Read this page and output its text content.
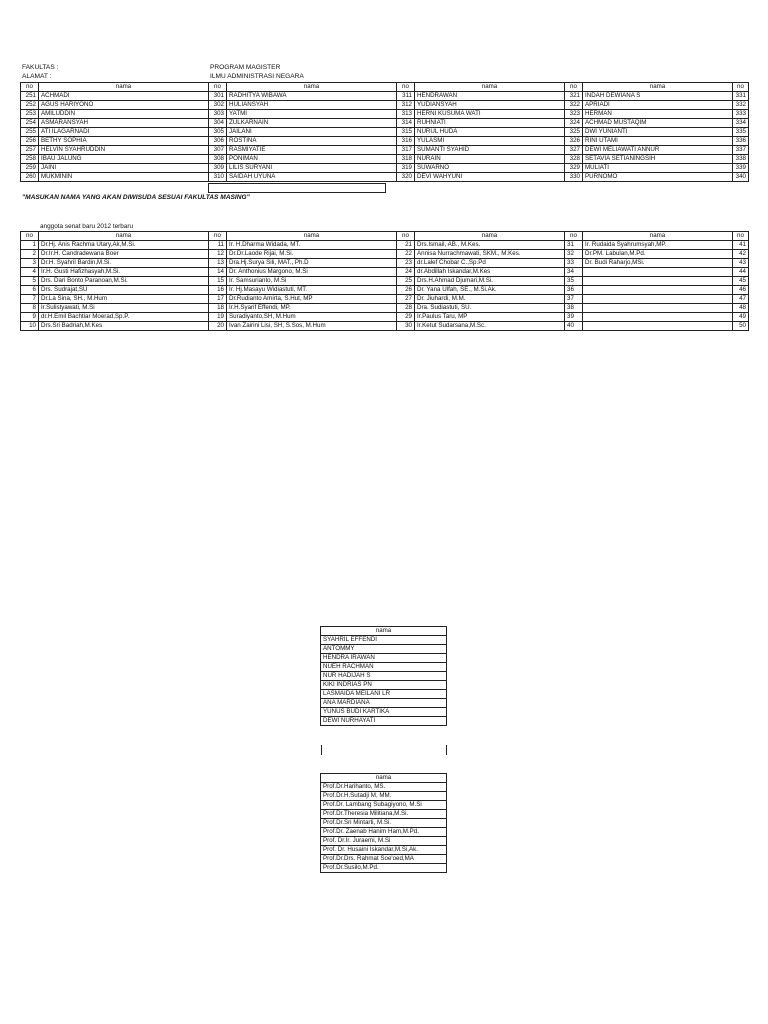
FAKULTAS :
ALAMAT :
PROGRAM MAGISTER
ILMU ADMINISTRASI NEGARA
no	nama	no	nama	no	nama	no	nama	no
251	ACHMADI	301	RADHITYA WIBAWA	311	HENDRAWAN	321	INDAH DEWIANA S	331
252	AGUS HARIYONO	302	HULIANSYAH	312	YUDIANSYAH	322	APRIADI	332
253	AMILUDDIN	303	YATMI	313	HERNI KUSUMA WATI	323	HERMAN	333
254	ASMARANSYAH	304	ZULKARNAIN	314	RUHNIATI	324	ACHMAD MUSTAQIM	334
255	ATI ILAGARNADI	305	JAILANI	315	NURUL HUDA	325	DWI YUNIANTI	335
256	BETHY SOPHIA	306	ROSTINA	316	YULASMI	326	RINI UTAMI	336
257	HELVIN SYAHRUDDIN	307	RASMIYATIE	317	SUMANTI SYAHID	327	DEWI MELIAWATI ANNUR	337
258	IBAU JALUNG	308	PONIMAN	318	NURAIN	328	SETAVIA SETIANINGSIH	338
259	JAINI	309	LILIS SURYANI	319	SUWARNO	329	MULIATI	339
260	MUKMININ	310	SAIDAH UYUNA	320	DEVI WAHYUNI	330	PURNOMO	340
"MASUKAN NAMA YANG AKAN DIWISUDA SESUAI FAKULTAS MASING"
anggota senat baru 2012 terbaru
no	nama	no	nama	no	nama	no	nama	no
1	Dr.Hj. Anis Rachma Utary,Ak,M.Si.	11	Ir. H.Dharma Widada, MT.	21	Drs.Ismail, AB., M.Kes.	31	Ir. Rudaida Syahrumsyah,MP.	41
2	Dr.Ir.H. Candradewana Boer	12	Dr.Dr.Laode Rijai, M.Si.	22	Annisa Nurrachmawati, SKM., M.Kes.	32	Dr.PM. Labulan,M.Pd.	42
3	Dr.H. Syahril Bardin,M.Si.	13	Dra.Hj.Surya Sili, MAT., Ph.D	23	dr.Lalef Chobar C.,Sp.Pd	33	Dr. Budi Raharjo,MSi.	43
4	Ir.H. Gusti Hafizhasyah,M.Si.	14	Dr. Anthonius Margono, M.Si	24	dr.Abdillah Iskandar,M.Kes	34		44
5	Drs. Dari Bonto Paranoan,M.Si.	15	Ir. Samsurianto, M.Si	25	Drs.H.Ahmad Djumari,M.Si.	35		45
6	Drs. Sudrajat,SU	16	Ir. Hj.Masayu Widiastuti, MT.	26	Dr. Yana Ulfah, SE., M.Si.Ak.	36		46
7	Dr.La Sina, SH., M.Hum	17	Dr.Rudianto Amirta, S.Hut, MP	27	Dr. Jiuhardi, M.M.	37		47
8	Ir.Sulistyawati, M.Si	18	Ir.H.Syarif Effendi, MP.	28	Dra. Sudiastuti, SU.	38		48
9	dr.H.Emil Bachtiar Moerad,Sp.P.	19	Suradiyanto,SH, M.Hum	29	Ir.Paulus Taru, MP	39		49
10	Drs.Sri Badriah,M.Kes	20	Ivan Zairini Lisi, SH, S.Sos, M.Hum	30	Ir.Ketut Sudarsana,M.Sc.	40		50
nama
SYAHRIL EFFENDI
ANTOMMY
HENDRA IRAWAN
NUEH RACHMAN
NUR HADIJAH S
KIKI INDRIAS PN
LASMAIDA MEILANI LR
ANA MARDIANA
YUNUS BUDI KARTIKA
DEWI NURHAYATI
nama
Prof.Dr.Harihanto, MS.
Prof.Dr.H.Sutadji M, MM.
Prof.Dr. Lambang Subagiyono, M.Si
Prof.Dr.Theresia Militiana,M.Si.
Prof.Dr.Sri Mintarti, M.Si.
Prof.Dr. Zaenab Hanim Ham,M.Pd.
Prof. Dr.Ir. Juraemi, M.Si
Prof. Dr. Husaini Iskandar,M.Si,Ak.
Prof.Dr.Drs. Rahmat Soe'oed,MA
Prof.Dr.Susilo,M.Pd.
